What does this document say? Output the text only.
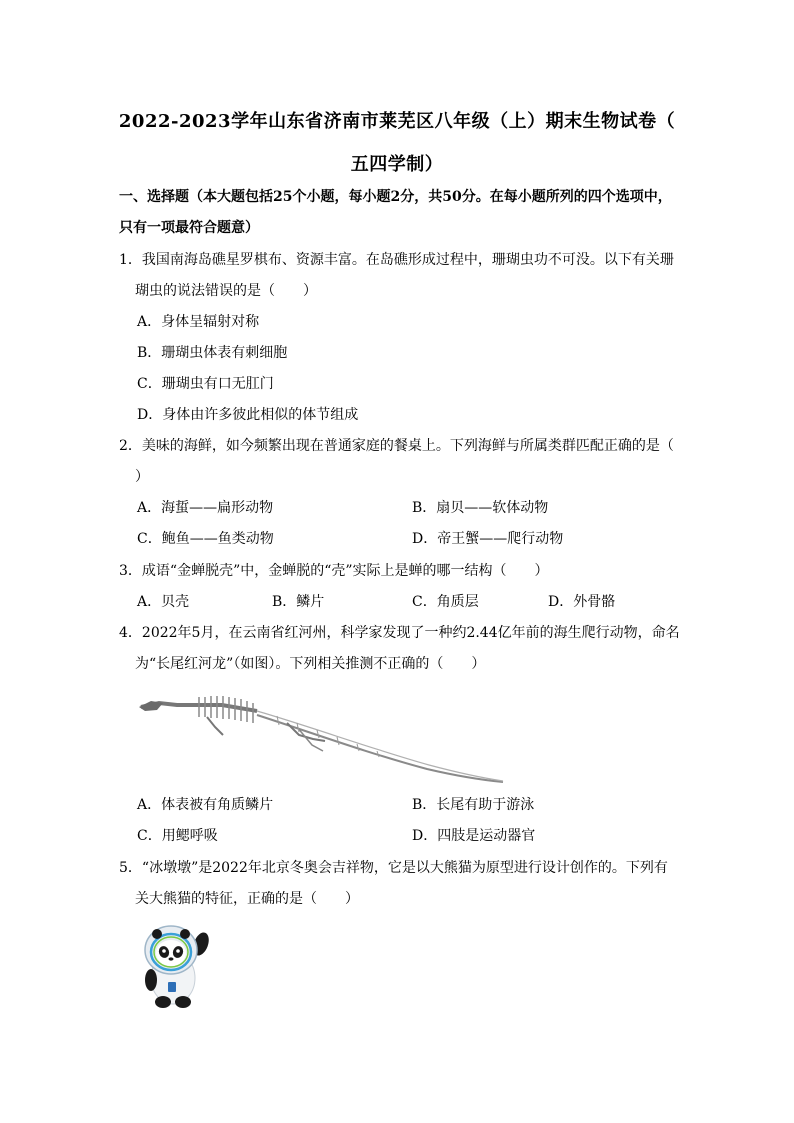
2022-2023学年山东省济南市莱芜区八年级（上）期末生物试卷（
五四学制）
一、选择题（本大题包括25个小题，每小题2分，共50分。在每小题所列的四个选项中，
只有一项最符合题意）
1．我国南海岛礁星罗棋布、资源丰富。在岛礁形成过程中，珊瑚虫功不可没。以下有关珊
瑚虫的说法错误的是（　　）
A．身体呈辐射对称
B．珊瑚虫体表有刺细胞
C．珊瑚虫有口无肛门
D．身体由许多彼此相似的体节组成
2．美味的海鲜，如今频繁出现在普通家庭的餐桌上。下列海鲜与所属类群匹配正确的是（
）
A．海蜇——扁形动物	B．扇贝——软体动物
C．鲍鱼——鱼类动物	D．帝王蟹——爬行动物
3．成语“金蝉脱壳”中，金蝉脱的“壳”实际上是蝉的哪一结构（　　）
A．贝壳	B．鳞片	C．角质层	D．外骨骼
4．2022年5月，在云南省红河州，科学家发现了一种约2.44亿年前的海生爬行动物，命名
为“长尾红河龙”（如图）。下列相关推测不正确的（　　）
A．体表被有角质鳞片	B．长尾有助于游泳
C．用鳃呼吸	D．四肢是运动器官
5．“冰墩墩”是2022年北京冬奥会吉祥物，它是以大熊猫为原型进行设计创作的。下列有
关大熊猫的特征，正确的是（　　）
